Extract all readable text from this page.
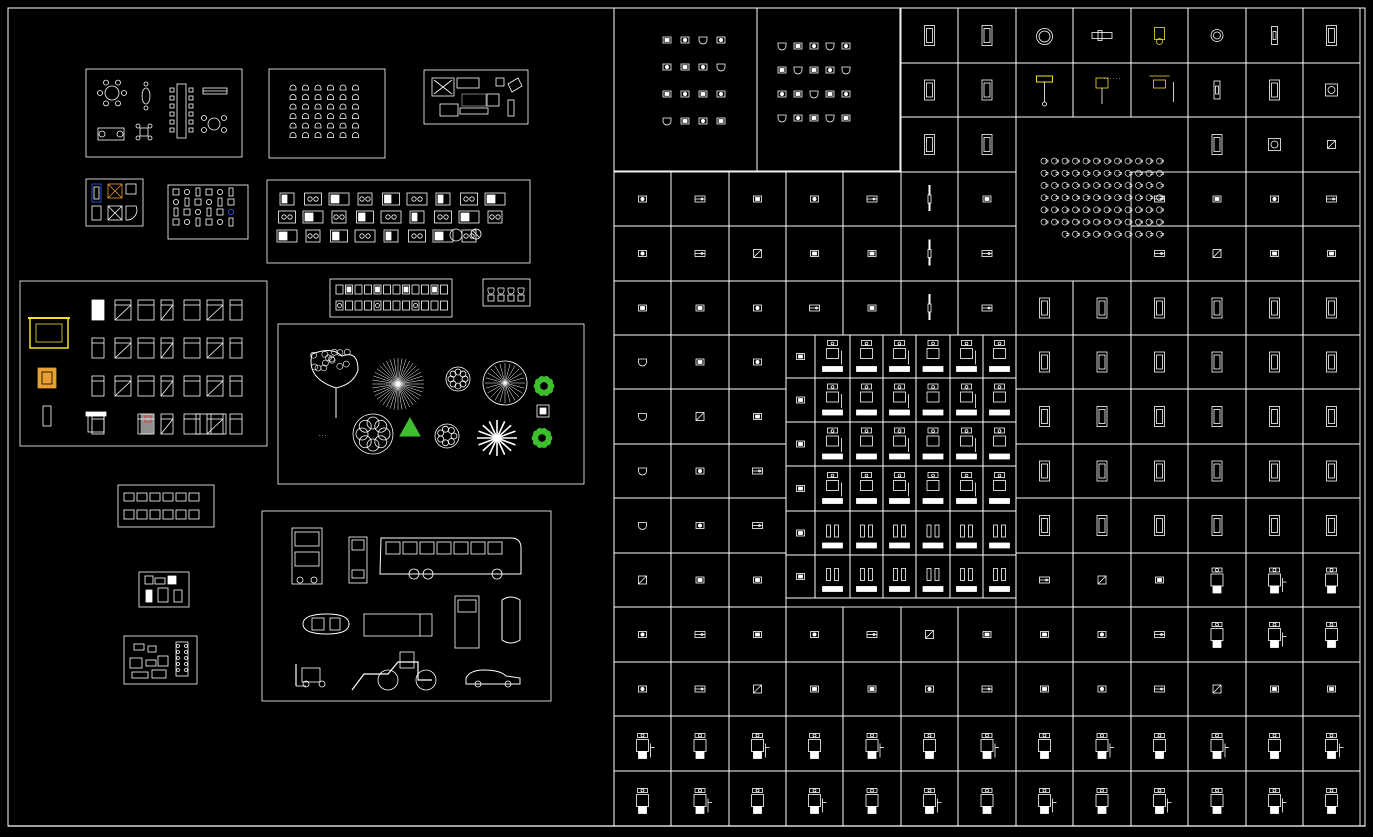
...
......
